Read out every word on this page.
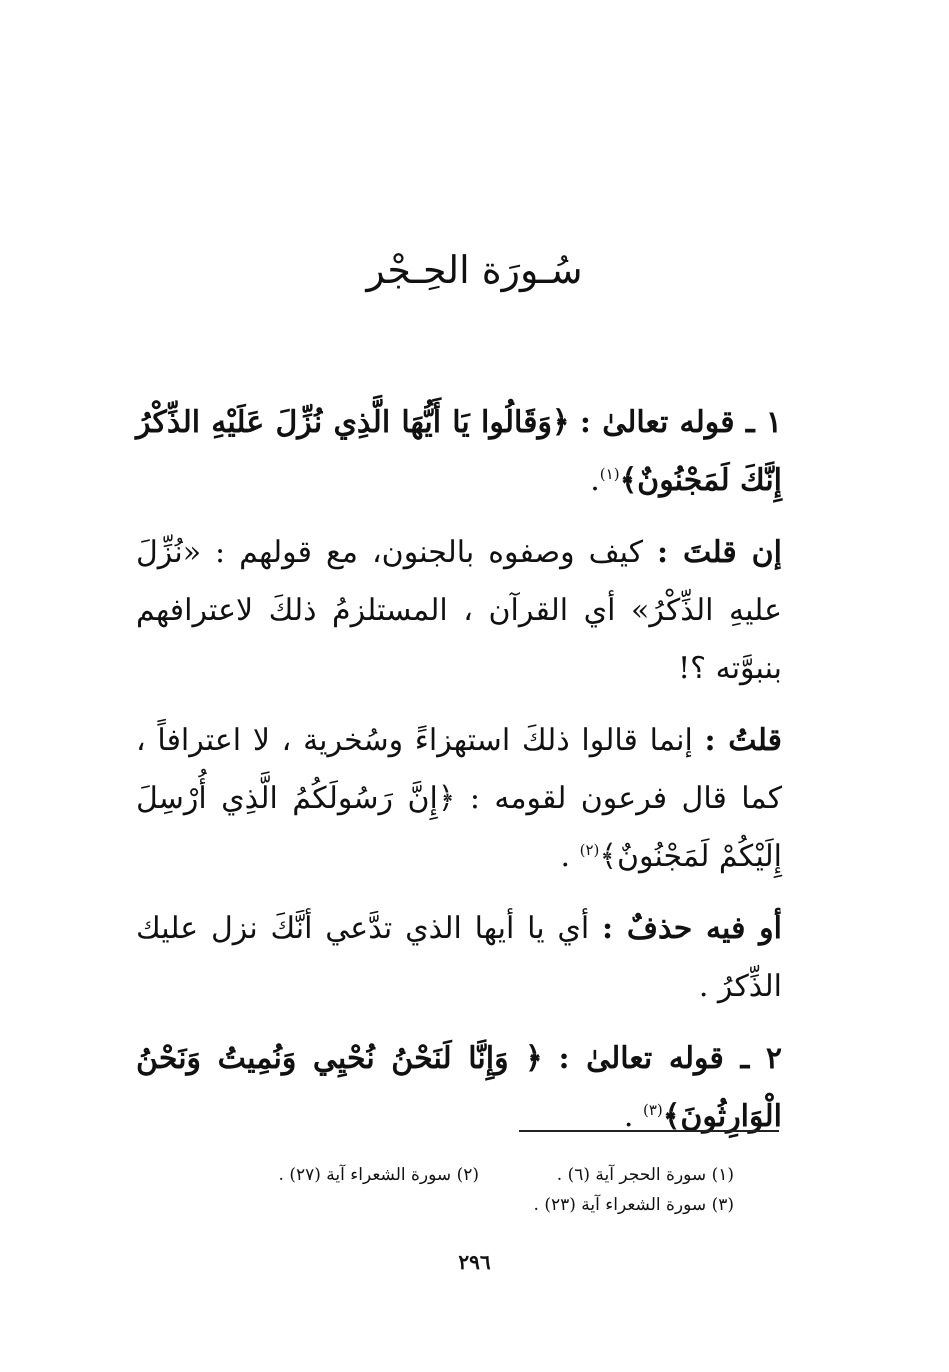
سُـورَة الحِـجْر

١ ـ قوله تعالىٰ : ﴿وَقَالُوا يَا أَيُّهَا الَّذِي نُزِّلَ عَلَيْهِ الذِّكْرُ إِنَّكَ لَمَجْنُونٌ﴾$^{(١)}$.

إن قلتَ : كيف وصفوه بالجنون، مع قولهم : «نُزِّلَ عليهِ الذِّكْرُ» أي القرآن ، المستلزمُ ذلكَ لاعترافهم بنبوَّته ؟!

قلتُ : إنما قالوا ذلكَ استهزاءً وسُخرية ، لا اعترافاً ، كما قال فرعون لقومه : ﴿إِنَّ رَسُولَكُمُ الَّذِي أُرْسِلَ إِلَيْكُمْ لَمَجْنُونٌ﴾$^{(٢)}$ .

أو فيه حذفٌ : أي يا أيها الذي تدَّعي أنَّكَ نزل عليك الذِّكرُ .

٢ ـ قوله تعالىٰ : ﴿ وَإِنَّا لَنَحْنُ نُحْيِي وَنُمِيتُ وَنَحْنُ الْوَارِثُونَ﴾$^{(٣)}$ .

(١) سورة الحجر آية (٦) .
(٢) سورة الشعراء آية (٢٧) .
(٣) سورة الشعراء آية (٢٣) .
٢٩٦
